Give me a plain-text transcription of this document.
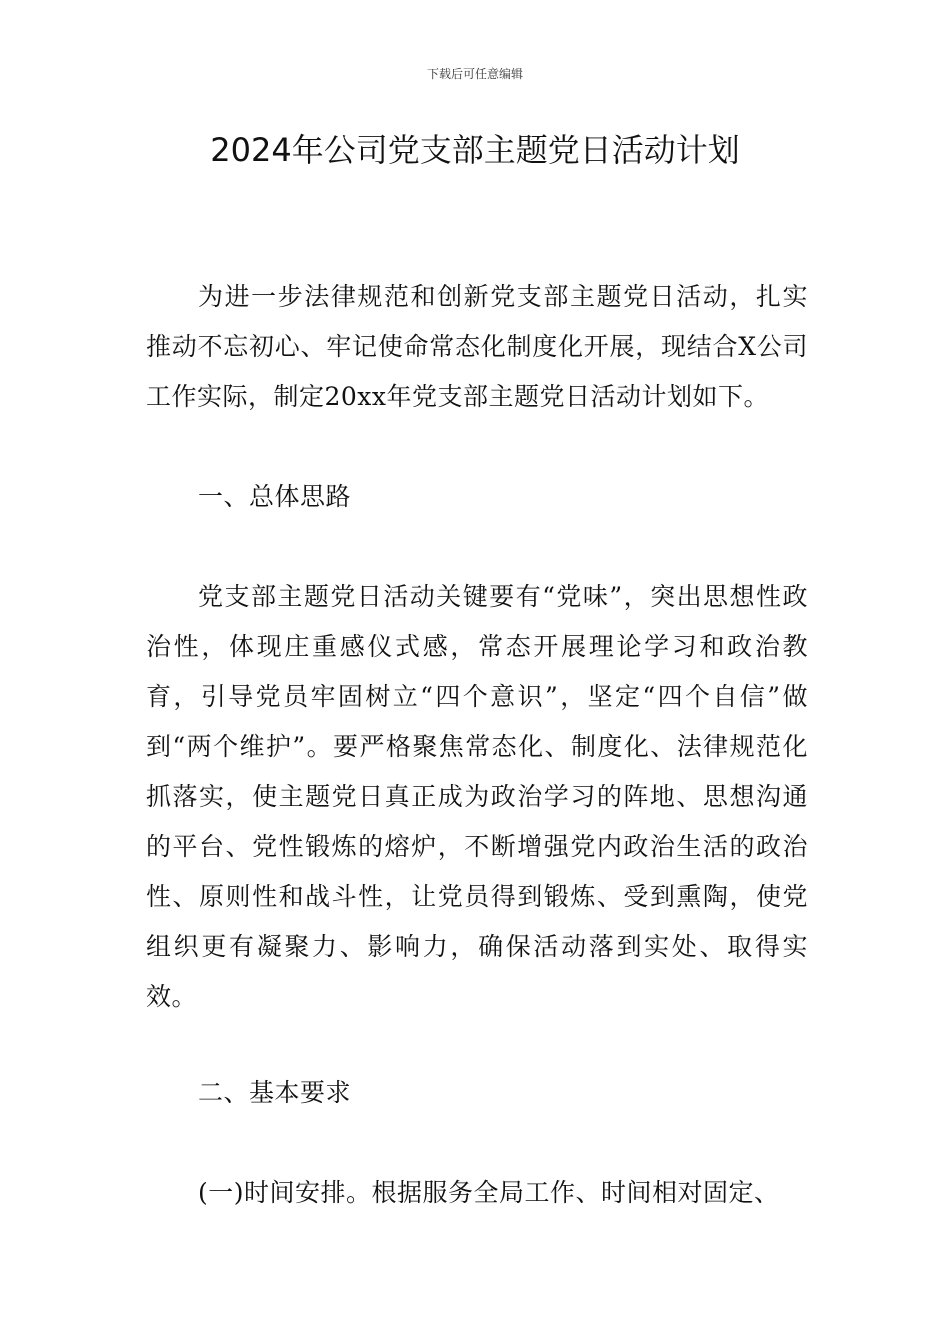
下载后可任意编辑
2024年公司党支部主题党日活动计划

为进一步法律规范和创新党支部主题党日活动，扎实推动不忘初心、牢记使命常态化制度化开展，现结合X公司工作实际，制定20xx年党支部主题党日活动计划如下。

一、总体思路

党支部主题党日活动关键要有“党味”，突出思想性政治性，体现庄重感仪式感，常态开展理论学习和政治教育，引导党员牢固树立“四个意识”，坚定“四个自信”做到“两个维护”。要严格聚焦常态化、制度化、法律规范化抓落实，使主题党日真正成为政治学习的阵地、思想沟通的平台、党性锻炼的熔炉，不断增强党内政治生活的政治性、原则性和战斗性，让党员得到锻炼、受到熏陶，使党组织更有凝聚力、影响力，确保活动落到实处、取得实效。

二、基本要求

(一)时间安排。根据服务全局工作、时间相对固定、
